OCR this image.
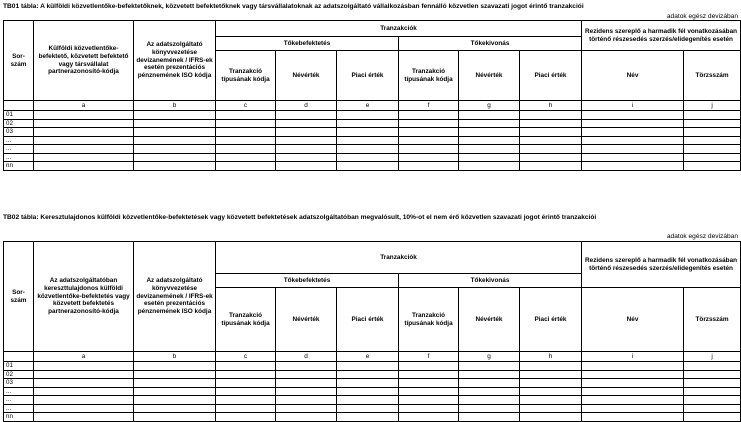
TB01 tábla: A külföldi közvetlentőke-befektetőknek, közvetett befektetőknek vagy társvállalatoknak az adatszolgáltató vállalkozásban fennálló közvetlen szavazati jogot érintő tranzakciói
adatok egész devizában
Sor-szám	Külföldi közvetlentőke-befektető, közvetett befektető vagy társvállalat partnerazonosító-kódja	Az adatszolgáltató könyvvezetése devizanemének / IFRS-ek esetén prezentációs pénznemének ISO kódja	Tranzakciók						Rezidens szereplő a harmadik fél vonatkozásában történő részesedés szerzés/elidegenítés esetén	
			Tőkebefektetés			Tőkekivonás				
			Tranzakció típusának kódja	Névérték	Piaci érték	Tranzakció típusának kódja	Névérték	Piaci érték	Név	Törzsszám
	a	b	c	d	e	f	g	h	i	j
01										
02										
03										
...										
...										
...										
nn										
TB02 tábla: Keresztulajdonos külföldi közvetlentőke-befektetések vagy közvetett befektetések adatszolgáltatóban megvalósult, 10%-ot el nem érő közvetlen szavazati jogot érintő tranzakciói
adatok egész devizában
Sor-szám	Az adatszolgáltatóban kereszttulajdonos külföldi közvetlentőke-befektetés vagy közvetett befektetés partnerazonosító-kódja	Az adatszolgáltató könyvvezetése devizanemének / IFRS-ek esetén prezentációs pénznemének ISO kódja	Tranzakciók						Rezidens szereplő a harmadik fél vonatkozásában történő részesedés szerzés/elidegenítés esetén	
			Tőkebefektetés			Tőkekivonás				
			Tranzakció típusának kódja	Névérték	Piaci érték	Tranzakció típusának kódja	Névérték	Piaci érték	Név	Törzsszám
	a	b	c	d	e	f	g	h	i	j
01										
02										
03										
...										
...										
...										
nn										
